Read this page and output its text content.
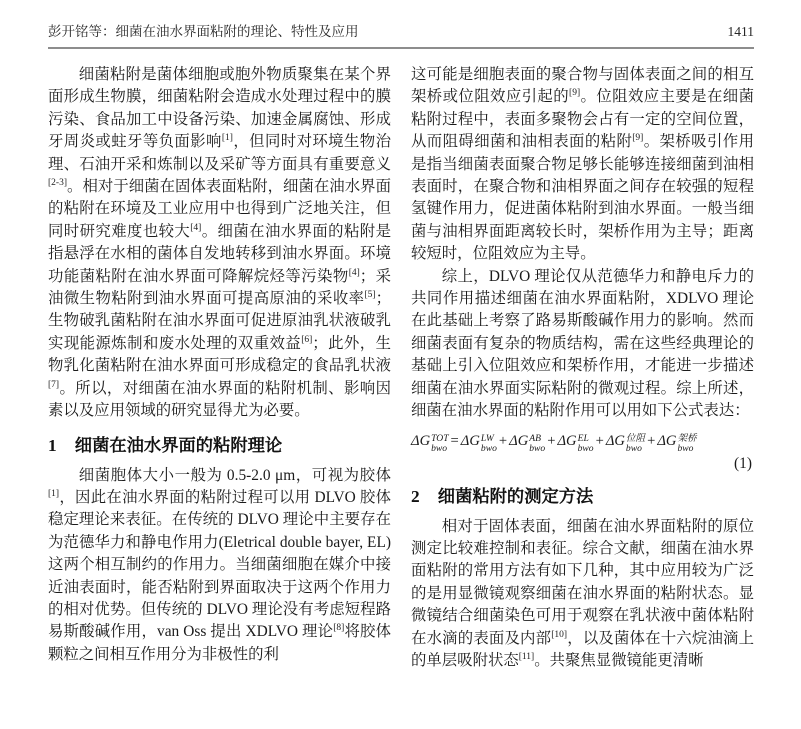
彭开铭等：细菌在油水界面粘附的理论、特性及应用	1411

细菌粘附是菌体细胞或胞外物质聚集在某个界面形成生物膜，细菌粘附会造成水处理过程中的膜污染、食品加工中设备污染、加速金属腐蚀、形成牙周炎或蛀牙等负面影响[1]，但同时对环境生物治理、石油开采和炼制以及采矿等方面具有重要意义[2-3]。相对于细菌在固体表面粘附，细菌在油水界面的粘附在环境及工业应用中也得到广泛地关注，但同时研究难度也较大[4]。细菌在油水界面的粘附是指悬浮在水相的菌体自发地转移到油水界面。环境功能菌粘附在油水界面可降解烷烃等污染物[4]；采油微生物粘附到油水界面可提高原油的采收率[5]；生物破乳菌粘附在油水界面可促进原油乳状液破乳实现能源炼制和废水处理的双重效益[6]；此外，生物乳化菌粘附在油水界面可形成稳定的食品乳状液[7]。所以，对细菌在油水界面的粘附机制、影响因素以及应用领域的研究显得尤为必要。

1 细菌在油水界面的粘附理论

细菌胞体大小一般为 0.5-2.0 μm，可视为胶体[1]，因此在油水界面的粘附过程可以用 DLVO 胶体稳定理论来表征。在传统的 DLVO 理论中主要存在为范德华力和静电作用力(Eletrical double bayer, EL)这两个相互制约的作用力。当细菌细胞在媒介中接近油表面时，能否粘附到界面取决于这两个作用力的相对优势。但传统的 DLVO 理论没有考虑短程路易斯酸碱作用，van Oss 提出 XDLVO 理论[8]将胶体颗粒之间相互作用分为非极性的利

这可能是细胞表面的聚合物与固体表面之间的相互架桥或位阻效应引起的[9]。位阻效应主要是在细菌粘附过程中，表面多聚物会占有一定的空间位置，从而阻碍细菌和油相表面的粘附[9]。架桥吸引作用是指当细菌表面聚合物足够长能够连接细菌到油相表面时，在聚合物和油相界面之间存在较强的短程氢键作用力，促进菌体粘附到油水界面。一般当细菌与油相界面距离较长时，架桥作用为主导；距离较短时，位阻效应为主导。

综上，DLVO 理论仅从范德华力和静电斥力的共同作用描述细菌在油水界面粘附，XDLVO 理论在此基础上考察了路易斯酸碱作用力的影响。然而细菌表面有复杂的物质结构，需在这些经典理论的基础上引入位阻效应和架桥作用，才能进一步描述细菌在油水界面实际粘附的微观过程。综上所述，细菌在油水界面的粘附作用可以用如下公式表达：

ΔG TOT
bwo = ΔG LW
bwo + ΔG AB
bwo + ΔG EL
bwo + ΔG 位阻
bwo + ΔG 架桥
bwo
(1)
2 细菌粘附的测定方法

相对于固体表面，细菌在油水界面粘附的原位测定比较难控制和表征。综合文献，细菌在油水界面粘附的常用方法有如下几种，其中应用较为广泛的是用显微镜观察细菌在油水界面的粘附状态。显微镜结合细菌染色可用于观察在乳状液中菌体粘附在水滴的表面及内部[10]，以及菌体在十六烷油滴上的单层吸附状态[11]。共聚焦显微镜能更清晰
